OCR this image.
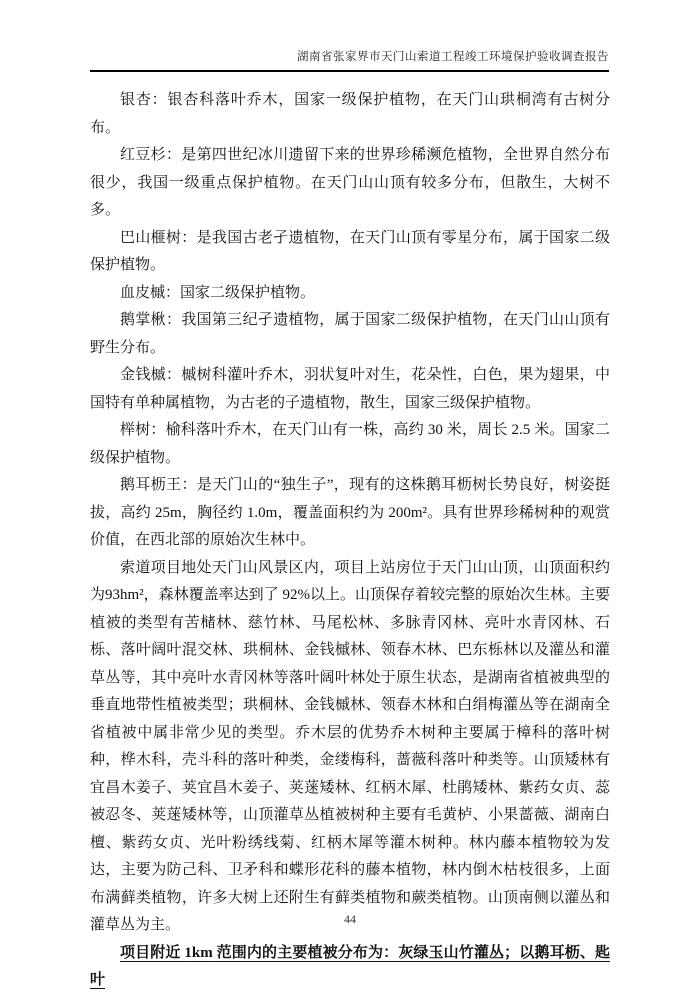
湖南省张家界市天门山索道工程竣工环境保护验收调查报告

银杏：银杏科落叶乔木，国家一级保护植物，在天门山珙桐湾有古树分布。

红豆杉：是第四世纪冰川遗留下来的世界珍稀濒危植物，全世界自然分布很少，我国一级重点保护植物。在天门山山顶有较多分布，但散生，大树不多。

巴山榧树：是我国古老孑遗植物，在天门山顶有零星分布，属于国家二级保护植物。

血皮槭：国家二级保护植物。

鹅掌楸：我国第三纪孑遗植物，属于国家二级保护植物，在天门山山顶有野生分布。

金钱槭：槭树科灌叶乔木，羽状复叶对生，花朵性，白色，果为翅果，中国特有单种属植物，为古老的子遗植物，散生，国家三级保护植物。

榉树：榆科落叶乔木，在天门山有一株，高约 30 米，周长 2.5 米。国家二级保护植物。

鹅耳枥王：是天门山的“独生子”，现有的这株鹅耳枥树长势良好，树姿挺拔，高约 25m，胸径约 1.0m，覆盖面积约为 200m²。具有世界珍稀树种的观赏价值，在西北部的原始次生林中。

索道项目地处天门山风景区内，项目上站房位于天门山山顶，山顶面积约为93hm²，森林覆盖率达到了 92%以上。山顶保存着较完整的原始次生林。主要植被的类型有苦槠林、慈竹林、马尾松林、多脉青冈林、亮叶水青冈林、石栎、落叶阔叶混交林、珙桐林、金钱槭林、领春木林、巴东栎林以及灌丛和灌草丛等，其中亮叶水青冈林等落叶阔叶林处于原生状态，是湖南省植被典型的垂直地带性植被类型；珙桐林、金钱槭林、领春木林和白绢梅灌丛等在湖南全省植被中属非常少见的类型。乔木层的优势乔木树种主要属于樟科的落叶树种，桦木科，壳斗科的落叶种类，金缕梅科，蔷薇科落叶种类等。山顶矮林有宜昌木姜子、荚宜昌木姜子、荚蒾矮林、红柄木犀、杜鹃矮林、紫药女贞、蕊被忍冬、荚蒾矮林等，山顶灌草丛植被树种主要有毛黄栌、小果蔷薇、湖南白檀、紫药女贞、光叶粉绣线菊、红柄木犀等灌木树种。林内藤本植物较为发达，主要为防己科、卫矛科和蝶形花科的藤本植物，林内倒木枯枝很多，上面布满藓类植物，许多大树上还附生有藓类植物和蕨类植物。山顶南侧以灌丛和灌草丛为主。

项目附近 1km 范围内的主要植被分布为：灰绿玉山竹灌丛；以鹅耳枥、匙叶

44
